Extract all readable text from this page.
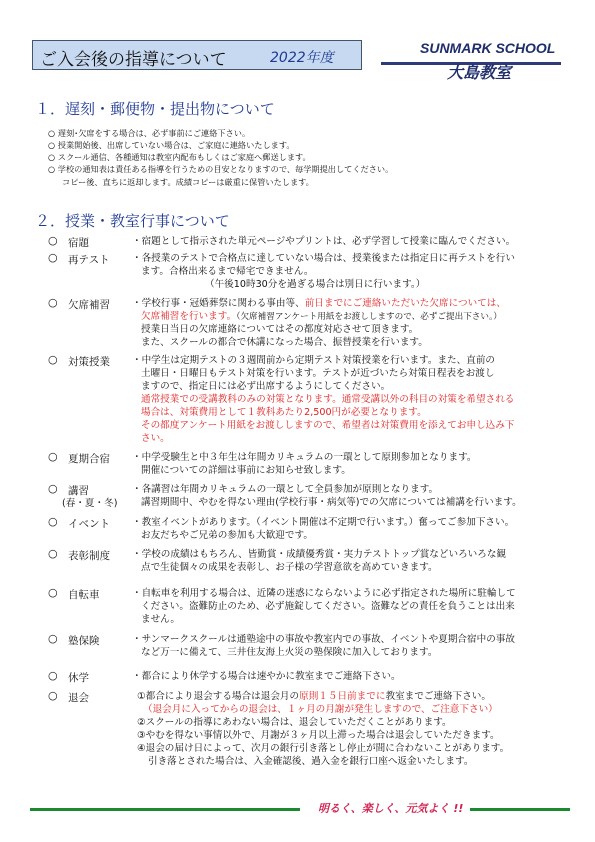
ご入会後の指導について	2022年度
SUNMARK SCHOOL
大島教室
１．遅刻・郵便物・提出物について
○ 遅刻･欠席をする場合は、必ず事前にご連絡下さい。
○ 授業開始後、出席していない場合は、ご家庭に連絡いたします。
○ スクール通信、各種通知は教室内配布もしくはご家庭へ郵送します。
○ 学校の通知表は責任ある指導を行うための目安となりますので、毎学期提出してください。
コピー後、直ちに返却します。成績コピーは厳重に保管いたします。
２．授業・教室行事について
○ 宿題	・宿題として指示された単元ページやプリントは、必ず学習して授業に臨んでください。
○ 再テスト ・各授業のテストで合格点に達していない場合は、授業後または指定日に再テストを行い
ます。合格出来るまで帰宅できません。
（午後10時30分を過ぎる場合は別日に行います。）
○ 欠席補習 ・学校行事・冠婚葬祭に関わる事由等、前日までにご連絡いただいた欠席については、
欠席補習を行います。（欠席補習アンケート用紙をお渡ししますので、必ずご提出下さい。）
授業日当日の欠席連絡についてはその都度対応させて頂きます。
また、スクールの都合で休講になった場合、振替授業を行います。
○ 対策授業 ・中学生は定期テストの３週間前から定期テスト対策授業を行います。また、直前の
土曜日・日曜日もテスト対策を行います。テストが近づいたら対策日程表をお渡し
ますので、指定日には必ず出席するようにしてください。
通常授業での受講教科のみの対策となります。通常受講以外の科目の対策を希望される
場合は、対策費用として１教科あたり2,500円が必要となります。
その都度アンケート用紙をお渡ししますので、希望者は対策費用を添えてお申し込み下
さい。
○ 夏期合宿 ・中学受験生と中３年生は年間カリキュラムの一環として原則参加となります。
開催についての詳細は事前にお知らせ致します。
○ 講習
(春・夏・冬)
・各講習は年間カリキュラムの一環として全員参加が原則となります。
講習期間中、やむを得ない理由(学校行事・病気等)での欠席については補講を行います。
○ イベント ・教室イベントがあります。（イベント開催は不定期で行います。）奮ってご参加下さい。
お友だちやご兄弟の参加も大歓迎です。
○ 表彰制度 ・学校の成績はもちろん、皆勤賞・成績優秀賞・実力テストトップ賞などいろいろな観
点で生徒個々の成果を表彰し、お子様の学習意欲を高めていきます。
○ 自転車	・自転車を利用する場合は、近隣の迷惑にならないように必ず指定された場所に駐輪して
ください。盗難防止のため、必ず施錠してください。盗難などの責任を負うことは出来
ません。
○ 塾保険	・サンマークスクールは通塾途中の事故や教室内での事故、イベントや夏期合宿中の事故
など万一に備えて、三井住友海上火災の塾保険に加入しております。
○ 休学	・都合により休学する場合は速やかに教室までご連絡下さい。
○ 退会	①都合により退会する場合は退会月の原則１５日前までに教室までご連絡下さい。
（退会月に入ってからの退会は、１ヶ月の月謝が発生しますので、ご注意下さい）
②スクールの指導にあわない場合は、退会していただくことがあります。
③やむを得ない事情以外で、月謝が３ヶ月以上滞った場合は退会していただきます。
④退会の届け日によって、次月の銀行引き落とし停止が間に合わないことがあります。
引き落とされた場合は、入金確認後、過入金を銀行口座へ返金いたします。
明るく、楽しく、元気よく !!
